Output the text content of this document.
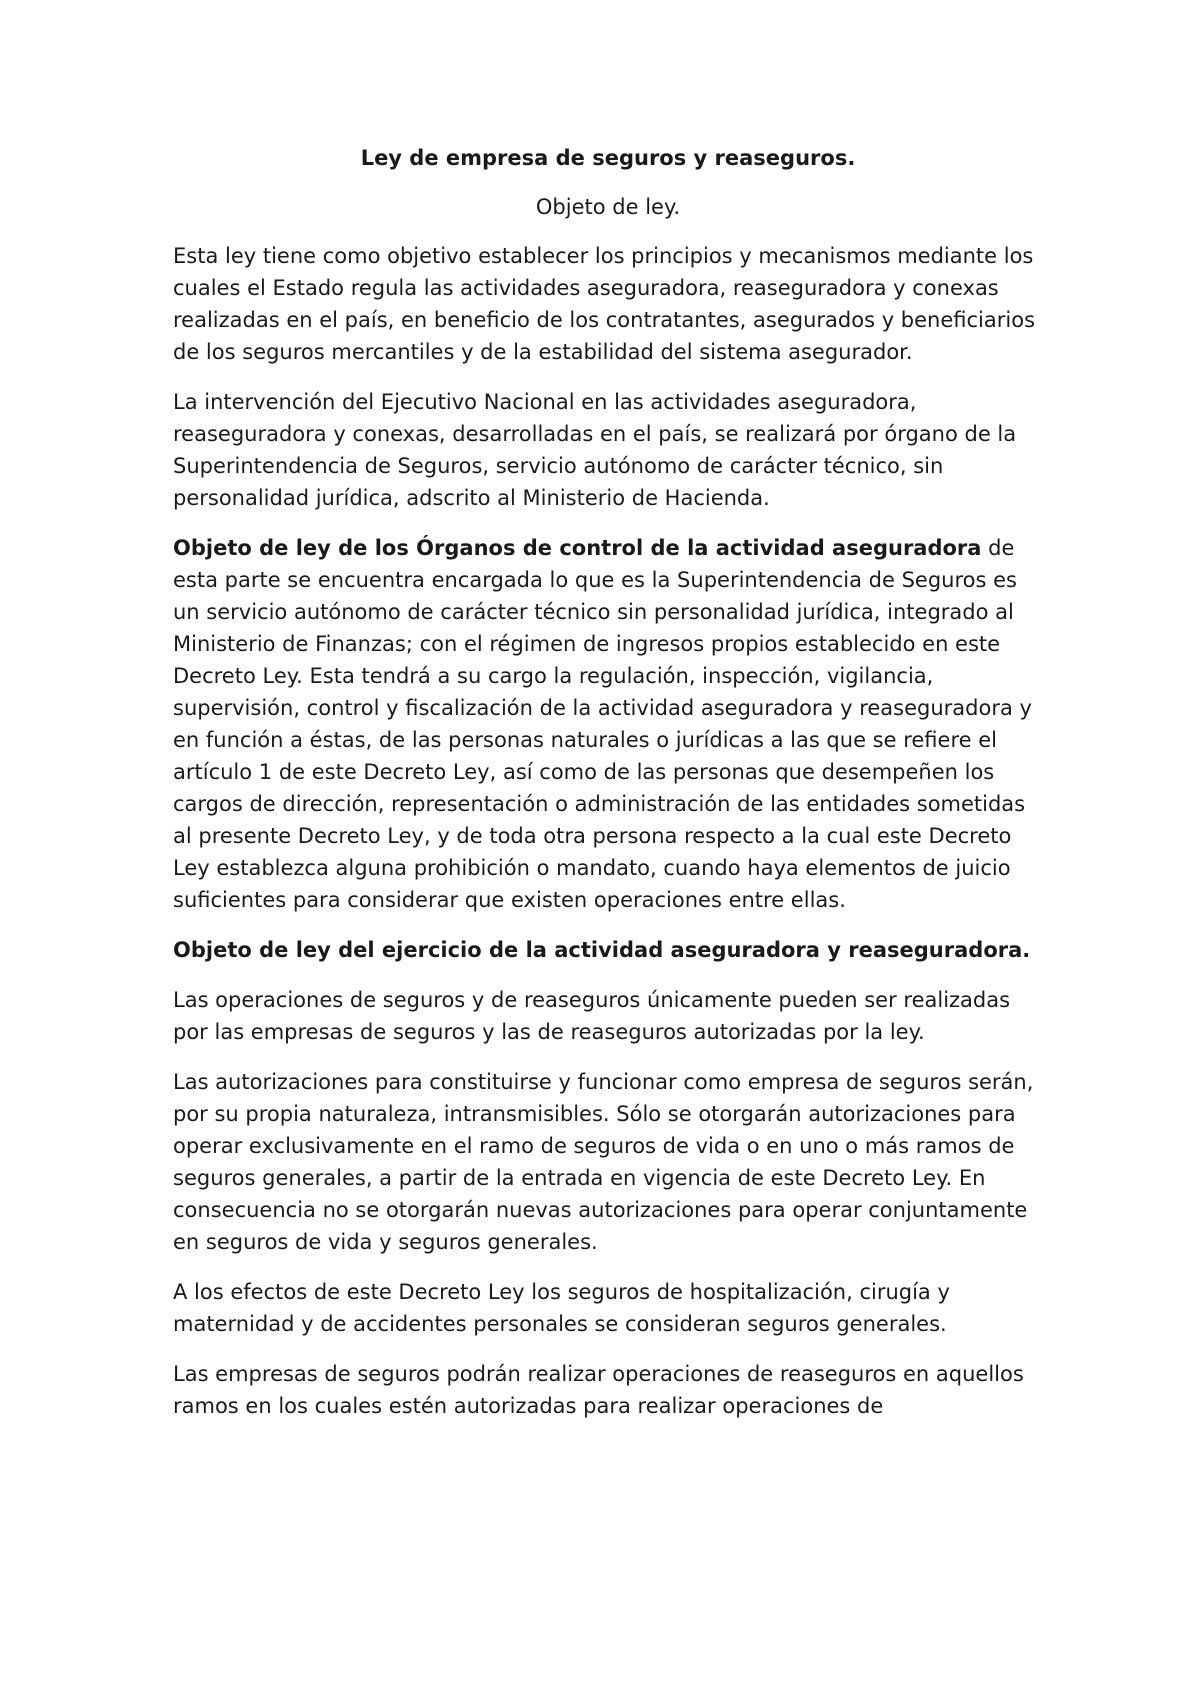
Ley de empresa de seguros y reaseguros.

Objeto de ley.

Esta ley tiene como objetivo establecer los principios y mecanismos mediante los cuales el Estado regula las actividades aseguradora, reaseguradora y conexas realizadas en el país, en beneficio de los contratantes, asegurados y beneficiarios de los seguros mercantiles y de la estabilidad del sistema asegurador.

La intervención del Ejecutivo Nacional en las actividades aseguradora, reaseguradora y conexas, desarrolladas en el país, se realizará por órgano de la Superintendencia de Seguros, servicio autónomo de carácter técnico, sin personalidad jurídica, adscrito al Ministerio de Hacienda.

Objeto de ley de los Órganos de control de la actividad aseguradora de esta parte se encuentra encargada lo que es la Superintendencia de Seguros es un servicio autónomo de carácter técnico sin personalidad jurídica, integrado al Ministerio de Finanzas; con el régimen de ingresos propios establecido en este Decreto Ley. Esta tendrá a su cargo la regulación, inspección, vigilancia, supervisión, control y fiscalización de la actividad aseguradora y reaseguradora y en función a éstas, de las personas naturales o jurídicas a las que se refiere el artículo 1 de este Decreto Ley, así como de las personas que desempeñen los cargos de dirección, representación o administración de las entidades sometidas al presente Decreto Ley, y de toda otra persona respecto a la cual este Decreto Ley establezca alguna prohibición o mandato, cuando haya elementos de juicio suficientes para considerar que existen operaciones entre ellas.

Objeto de ley del ejercicio de la actividad aseguradora y reaseguradora.

Las operaciones de seguros y de reaseguros únicamente pueden ser realizadas por las empresas de seguros y las de reaseguros autorizadas por la ley.

Las autorizaciones para constituirse y funcionar como empresa de seguros serán, por su propia naturaleza, intransmisibles. Sólo se otorgarán autorizaciones para operar exclusivamente en el ramo de seguros de vida o en uno o más ramos de seguros generales, a partir de la entrada en vigencia de este Decreto Ley. En consecuencia no se otorgarán nuevas autorizaciones para operar conjuntamente en seguros de vida y seguros generales.

A los efectos de este Decreto Ley los seguros de hospitalización, cirugía y maternidad y de accidentes personales se consideran seguros generales.

Las empresas de seguros podrán realizar operaciones de reaseguros en aquellos ramos en los cuales estén autorizadas para realizar operaciones de
